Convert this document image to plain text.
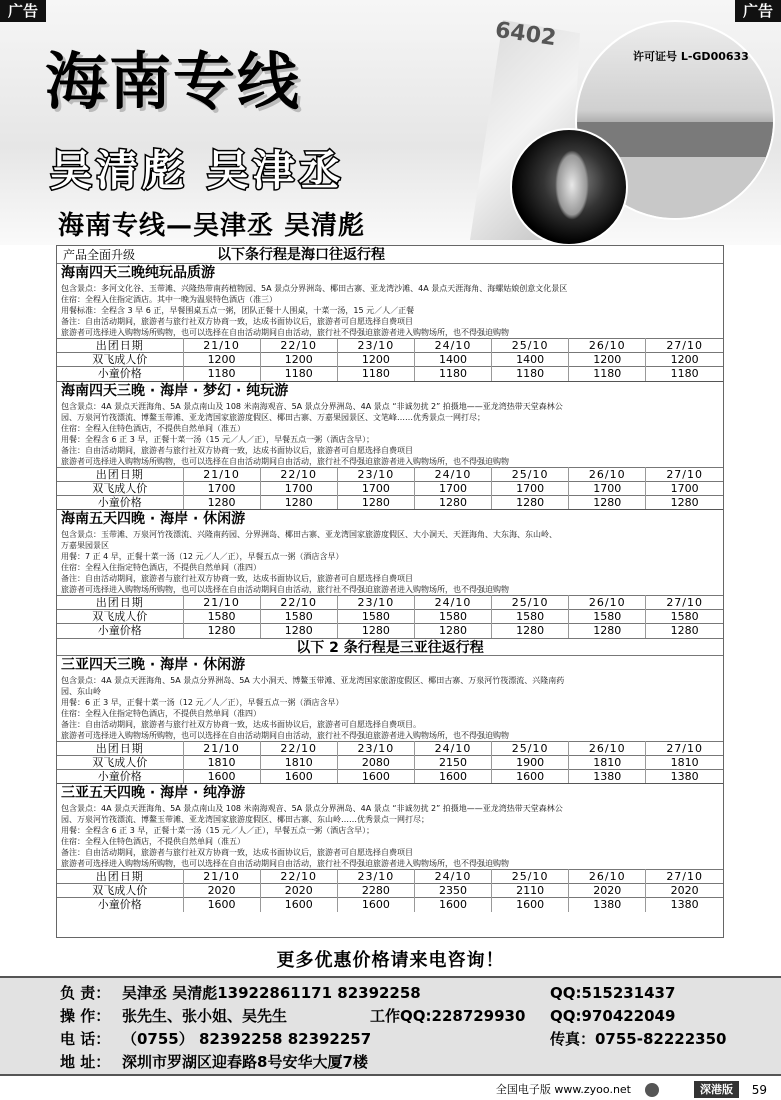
6402
许可证号 L-GD00633
海南专线
吴清彪 吴津丞
海南专线—吴津丞 吴清彪
广告	广告
产品全面升级	以下条行程是海口往返行程
海南四天三晚纯玩品质游

包含景点：多河文化谷、玉带滩、兴隆热带南药植物园、5A 景点分界洲岛、椰田古寨、亚龙湾沙滩、4A 景点天涯海角、海螺姑娘创意文化景区

住宿：全程入住指定酒店。其中一晚为温泉特色酒店（准三）

用餐标准：全程含 3 早 6 正，早餐围桌五点一粥，团队正餐十人围桌，十菜一汤，15 元／人／正餐

备注：自由活动期间，旅游者与旅行社双方协商一致，达成书面协议后，旅游者可自愿选择自费项目

旅游者可选择进入购物场所购物，也可以选择在自由活动期间自由活动，旅行社不得强迫旅游者进入购物场所，也不得强迫购物

出团日期	21/10	22/10	23/10	24/10	25/10	26/10	27/10
双飞成人价	1200	1200	1200	1400	1400	1200	1200
小童价格	1180	1180	1180	1180	1180	1180	1180
海南四天三晚 · 海岸 · 梦幻 · 纯玩游

包含景点：4A 景点天涯海角、5A 景点南山及 108 米南海观音、5A 景点分界洲岛、4A 景点 “非诚勿扰 2” 拍摄地——亚龙湾热带天堂森林公

园、万泉河竹筏漂流、博鳌玉带滩、亚龙湾国家旅游度假区、椰田古寨、万嘉果园景区、文笔峰……优秀景点一网打尽；

住宿：全程入住特色酒店，不提供自然单间（准五）

用餐：全程含 6 正 3 早，正餐十菜一汤（15 元／人／正），早餐五点一粥（酒店含早）；

备注：自由活动期间，旅游者与旅行社双方协商一致，达成书面协议后，旅游者可自愿选择自费项目

旅游者可选择进入购物场所购物，也可以选择在自由活动期间自由活动，旅行社不得强迫旅游者进入购物场所，也不得强迫购物

出团日期	21/10	22/10	23/10	24/10	25/10	26/10	27/10
双飞成人价	1700	1700	1700	1700	1700	1700	1700
小童价格	1280	1280	1280	1280	1280	1280	1280
海南五天四晚 · 海岸 · 休闲游

包含景点：玉带滩、万泉河竹筏漂流、兴隆南药园、分界洲岛、椰田古寨、亚龙湾国家旅游度假区、大小洞天、天涯海角、大东海、东山岭、

万嘉果园景区

用餐：7 正 4 早，正餐十菜一汤（12 元／人／正），早餐五点一粥（酒店含早）

住宿：全程入住指定特色酒店，不提供自然单间（准四）

备注：自由活动期间，旅游者与旅行社双方协商一致，达成书面协议后，旅游者可自愿选择自费项目

旅游者可选择进入购物场所购物，也可以选择在自由活动期间自由活动，旅行社不得强迫旅游者进入购物场所，也不得强迫购物

出团日期	21/10	22/10	23/10	24/10	25/10	26/10	27/10
双飞成人价	1580	1580	1580	1580	1580	1580	1580
小童价格	1280	1280	1280	1280	1280	1280	1280
以下 2 条行程是三亚往返行程
三亚四天三晚 · 海岸 · 休闲游

包含景点：4A 景点天涯海角、5A 景点分界洲岛、5A 大小洞天、博鳌玉带滩、亚龙湾国家旅游度假区、椰田古寨、万泉河竹筏漂流、兴隆南药

园、东山岭

用餐：6 正 3 早，正餐十菜一汤（12 元／人／正），早餐五点一粥（酒店含早）

住宿：全程入住指定特色酒店，不提供自然单间（准四）

备注：自由活动期间，旅游者与旅行社双方协商一致，达成书面协议后，旅游者可自愿选择自费项目。

旅游者可选择进入购物场所购物，也可以选择在自由活动期间自由活动，旅行社不得强迫旅游者进入购物场所，也不得强迫购物

出团日期	21/10	22/10	23/10	24/10	25/10	26/10	27/10
双飞成人价	1810	1810	2080	2150	1900	1810	1810
小童价格	1600	1600	1600	1600	1600	1380	1380
三亚五天四晚 · 海岸 · 纯净游

包含景点：4A 景点天涯海角、5A 景点南山及 108 米南海观音、5A 景点分界洲岛、4A 景点 “非诚勿扰 2” 拍摄地——亚龙湾热带天堂森林公

园、万泉河竹筏漂流、博鳌玉带滩、亚龙湾国家旅游度假区、椰田古寨、东山岭……优秀景点一网打尽；

用餐：全程含 6 正 3 早，正餐十菜一汤（15 元／人／正），早餐五点一粥（酒店含早）；

住宿：全程入住特色酒店，不提供自然单间（准五）

备注：自由活动期间，旅游者与旅行社双方协商一致，达成书面协议后，旅游者可自愿选择自费项目

旅游者可选择进入购物场所购物，也可以选择在自由活动期间自由活动，旅行社不得强迫旅游者进入购物场所，也不得强迫购物

出团日期	21/10	22/10	23/10	24/10	25/10	26/10	27/10
双飞成人价	2020	2020	2280	2350	2110	2020	2020
小童价格	1600	1600	1600	1600	1600	1380	1380
更多优惠价格请来电咨询！
负 责： 吴津丞 吴清彪13922861171 82392258	QQ:515231437
操 作： 张先生、张小姐、吴先生	工作QQ:228729930 QQ:970422049
电 话： （0755） 82392258 82392257	传真：0755-82222350
地 址： 深圳市罗湖区迎春路8号安华大厦7楼
全国电子版 www.zyoo.net	深港版	59
